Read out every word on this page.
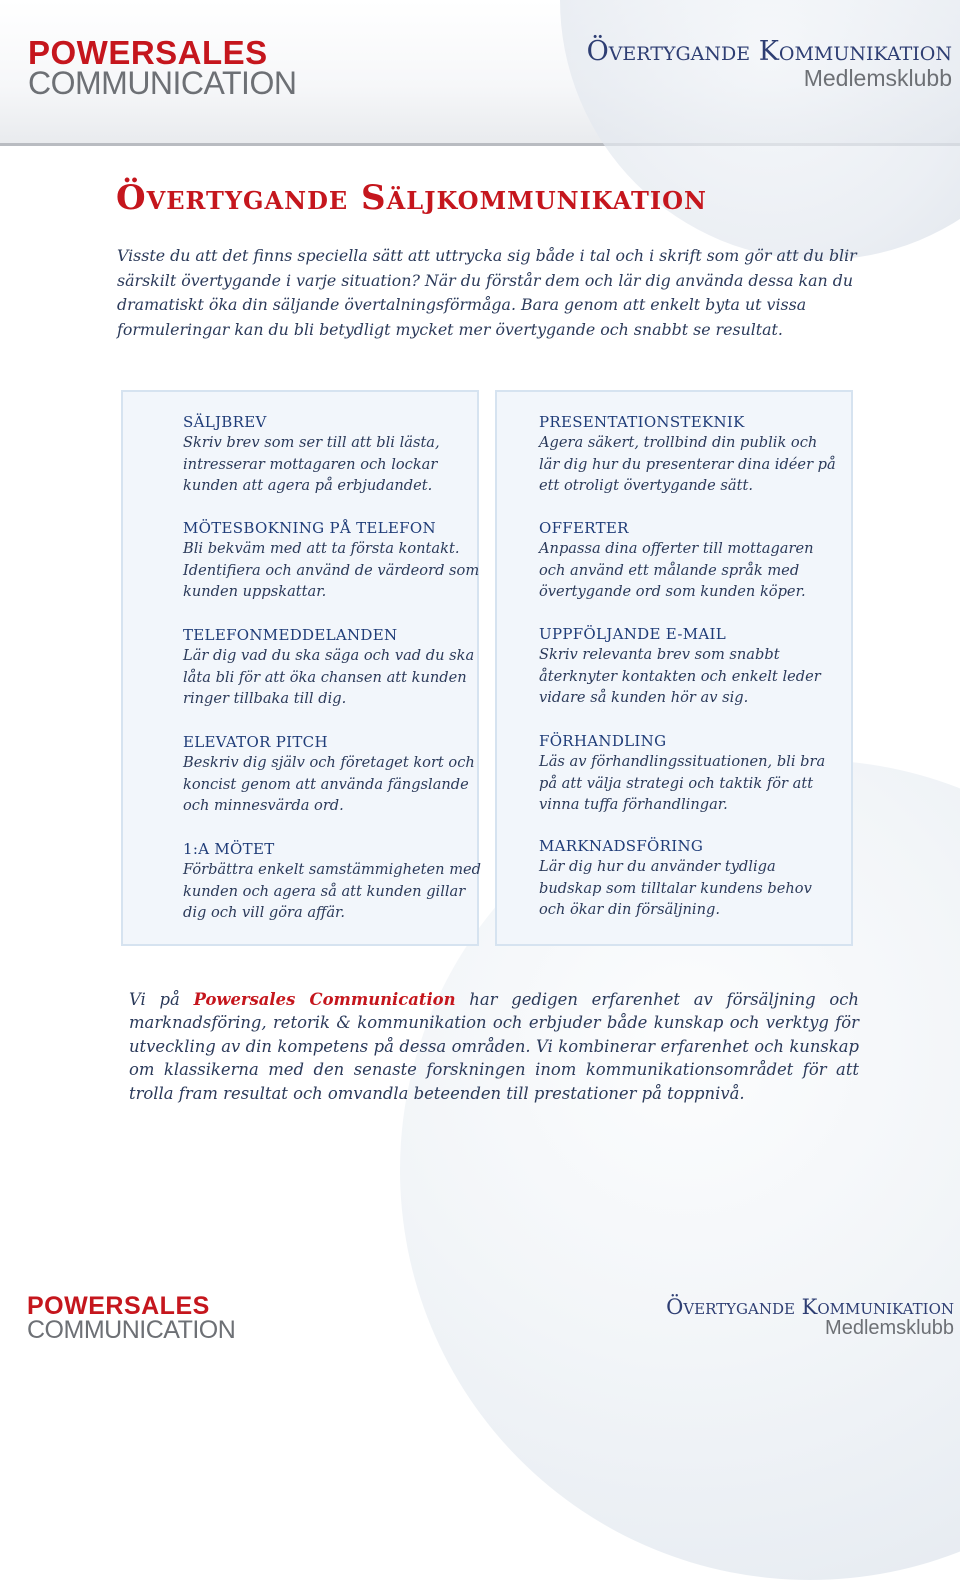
POWERSALES
COMMUNICATION
Övertygande Kommunikation
Medlemsklubb
Övertygande Säljkommunikation

Visste du att det finns speciella sätt att uttrycka sig både i tal och i skrift som gör att du blir särskilt övertygande i varje situation? När du förstår dem och lär dig använda dessa kan du dramatiskt öka din säljande övertalningsförmåga. Bara genom att enkelt byta ut vissa formuleringar kan du bli betydligt mycket mer övertygande och snabbt se resultat.

SÄLJBREV

Skriv brev som ser till att bli lästa, intresserar mottagaren och lockar kunden att agera på erbjudandet.

MÖTESBOKNING PÅ TELEFON

Bli bekväm med att ta första kontakt. Identifiera och använd de värdeord som kunden uppskattar.

TELEFONMEDDELANDEN

Lär dig vad du ska säga och vad du ska låta bli för att öka chansen att kunden ringer tillbaka till dig.

ELEVATOR PITCH

Beskriv dig själv och företaget kort och koncist genom att använda fängslande och minnesvärda ord.

1:A MÖTET

Förbättra enkelt samstämmigheten med kunden och agera så att kunden gillar dig och vill göra affär.

PRESENTATIONSTEKNIK

Agera säkert, trollbind din publik och lär dig hur du presenterar dina idéer på ett otroligt övertygande sätt.

OFFERTER

Anpassa dina offerter till mottagaren och använd ett målande språk med övertygande ord som kunden köper.

UPPFÖLJANDE E-MAIL

Skriv relevanta brev som snabbt återknyter kontakten och enkelt leder vidare så kunden hör av sig.

FÖRHANDLING

Läs av förhandlingssituationen, bli bra på att välja strategi och taktik för att vinna tuffa förhandlingar.

MARKNADSFÖRING

Lär dig hur du använder tydliga budskap som tilltalar kundens behov och ökar din försäljning.

Vi på Powersales Communication har gedigen erfarenhet av försäljning och marknadsföring, retorik & kommunikation och erbjuder både kunskap och verktyg för utveckling av din kompetens på dessa områden. Vi kombinerar erfarenhet och kunskap om klassikerna med den senaste forskningen inom kommunikationsområdet för att trolla fram resultat och omvandla beteenden till prestationer på toppnivå.

POWERSALES
COMMUNICATION
Övertygande Kommunikation
Medlemsklubb
